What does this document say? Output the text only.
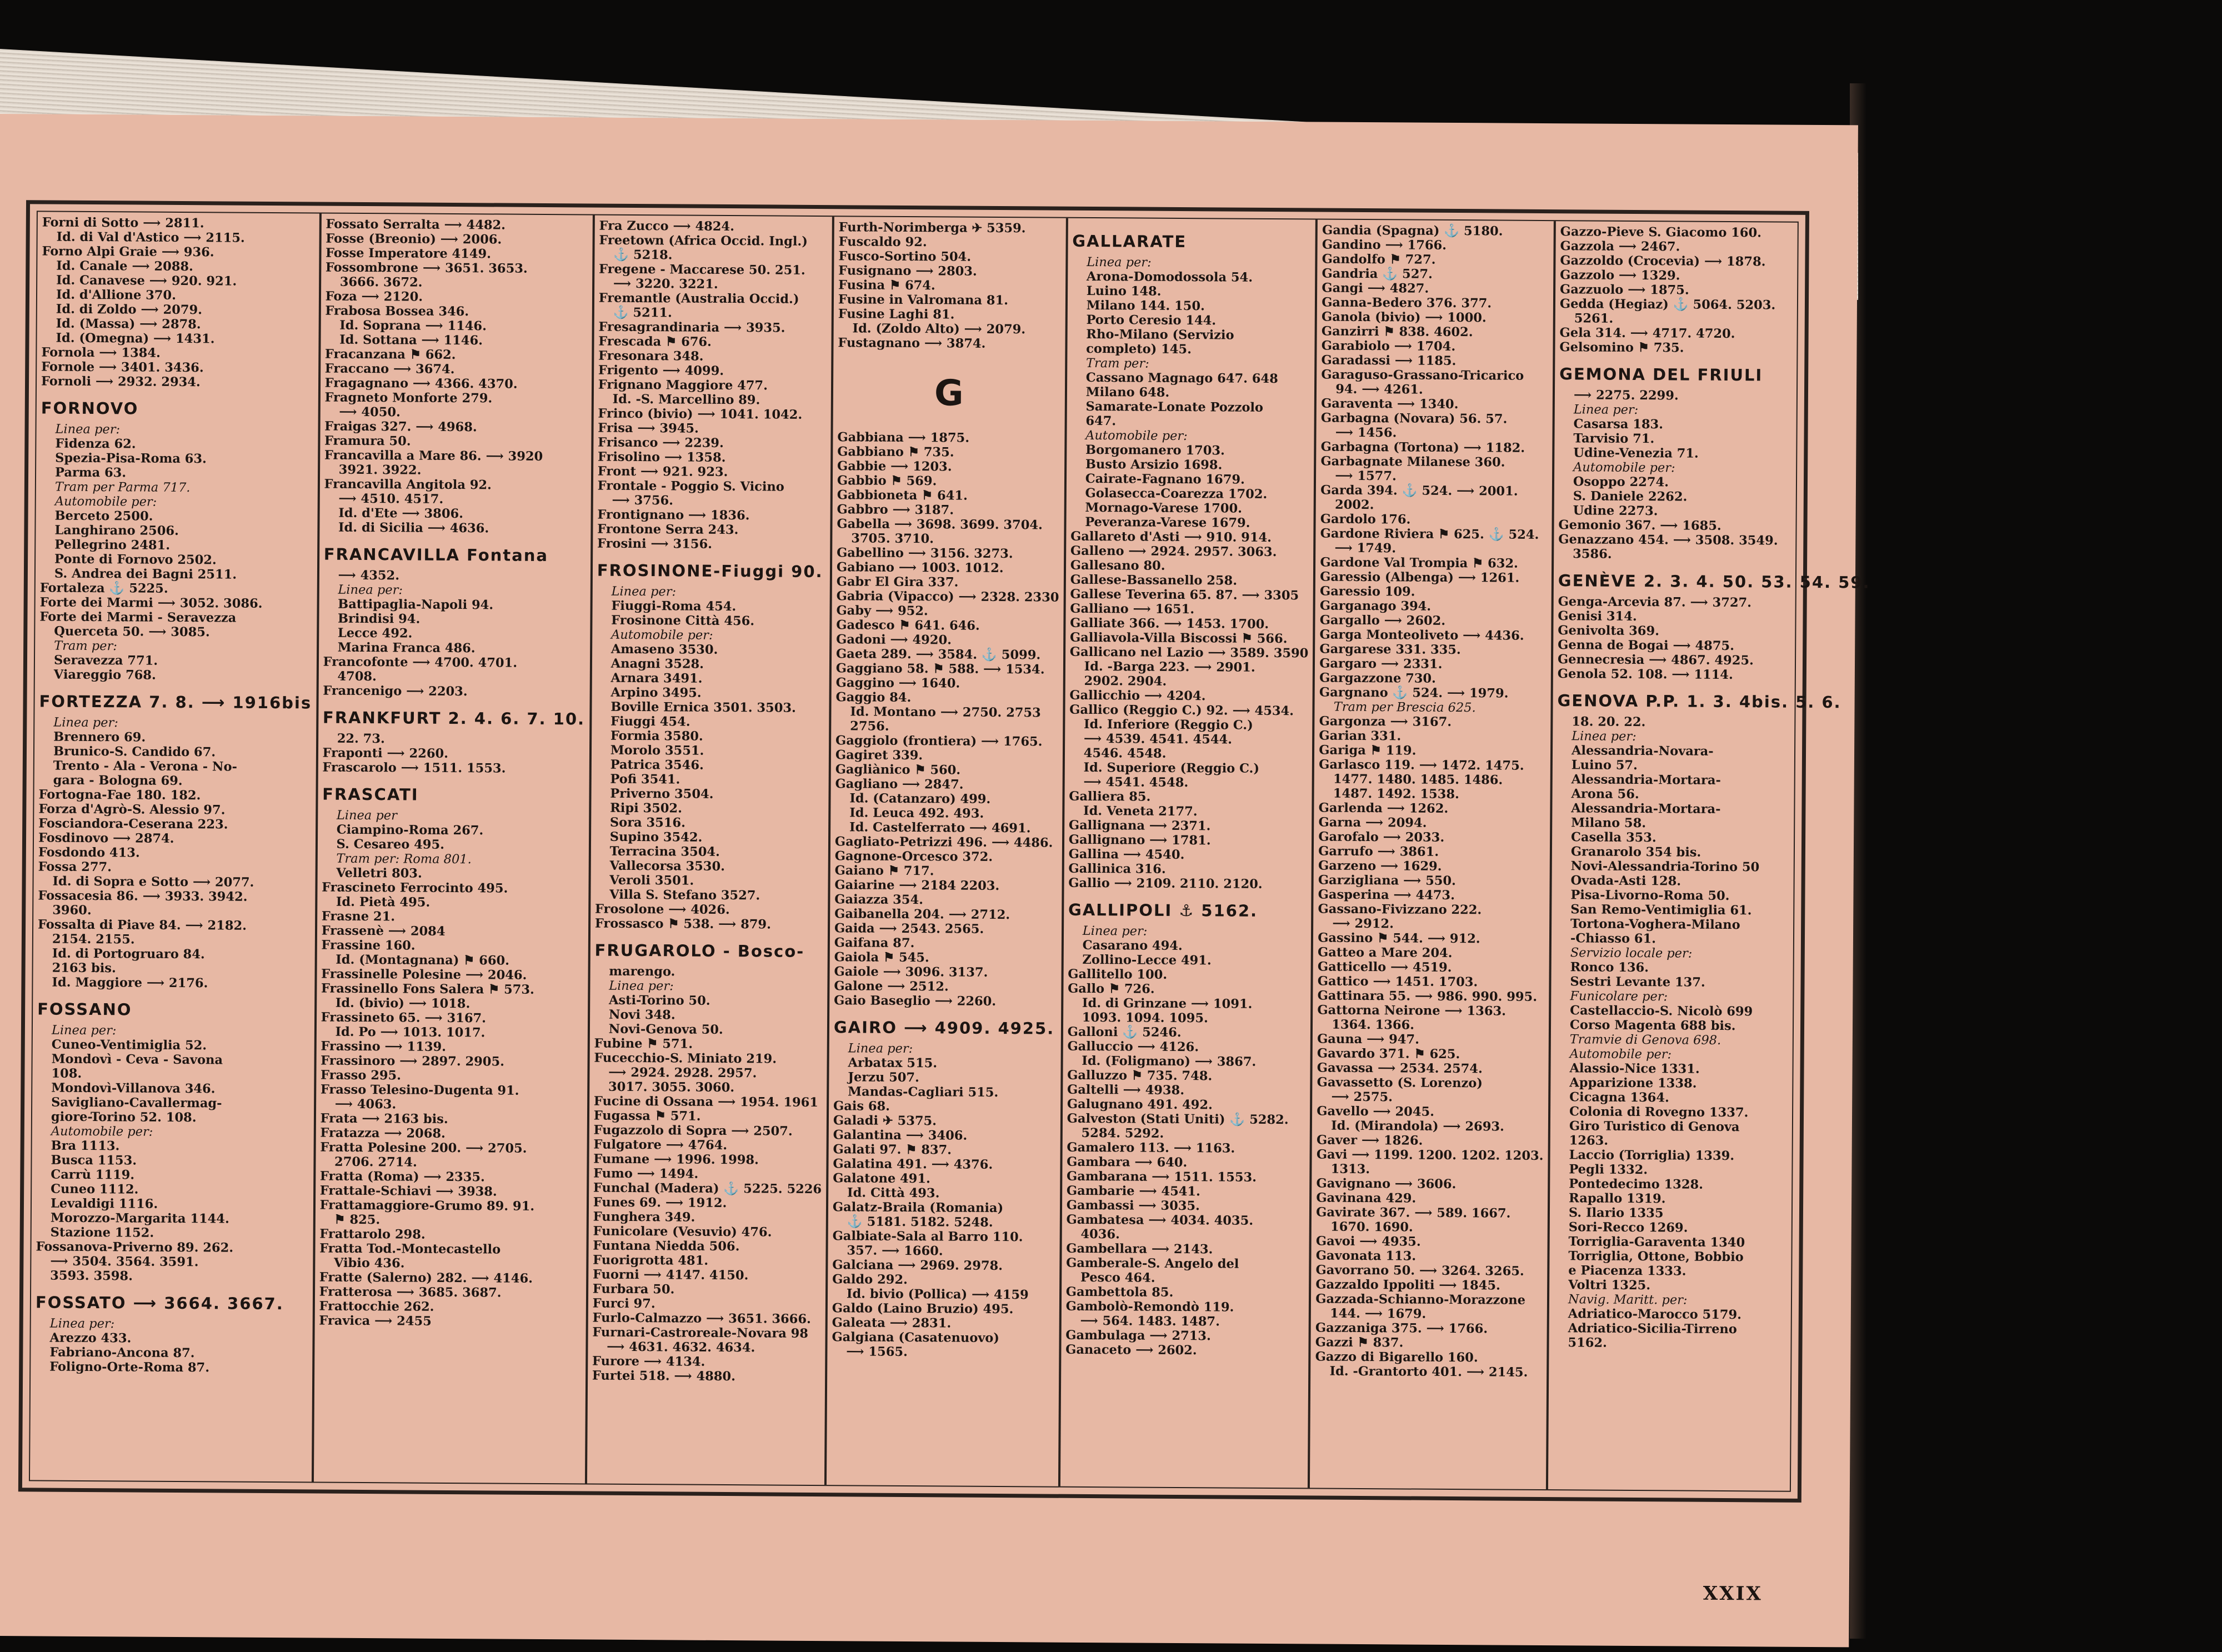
Forni di Sotto ⟶ 2811.
Id. di Val d'Astico ⟶ 2115.
Forno Alpi Graie ⟶ 936.
Id. Canale ⟶ 2088.
Id. Canavese ⟶ 920. 921.
Id. d'Allione 370.
Id. di Zoldo ⟶ 2079.
Id. (Massa) ⟶ 2878.
Id. (Omegna) ⟶ 1431.
Fornola ⟶ 1384.
Fornole ⟶ 3401. 3436.
Fornoli ⟶ 2932. 2934.
FORNOVO
Linea per:
Fidenza 62.
Spezia-Pisa-Roma 63.
Parma 63.
Tram per Parma 717.
Automobile per:
Berceto 2500.
Langhirano 2506.
Pellegrino 2481.
Ponte di Fornovo 2502.
S. Andrea dei Bagni 2511.
Fortaleza ⚓ 5225.
Forte dei Marmi ⟶ 3052. 3086.
Forte dei Marmi - Seravezza
Querceta 50. ⟶ 3085.
Tram per:
Seravezza 771.
Viareggio 768.
FORTEZZA 7. 8. ⟶ 1916bis
Linea per:
Brennero 69.
Brunico-S. Candido 67.
Trento - Ala - Verona - No-
gara - Bologna 69.
Fortogna-Fae 180. 182.
Forza d'Agrò-S. Alessio 97.
Fosciandora-Ceserana 223.
Fosdinovo ⟶ 2874.
Fosdondo 413.
Fossa 277.
Id. di Sopra e Sotto ⟶ 2077.
Fossacesia 86. ⟶ 3933. 3942.
3960.
Fossalta di Piave 84. ⟶ 2182.
2154. 2155.
Id. di Portogruaro 84.
2163 bis.
Id. Maggiore ⟶ 2176.
FOSSANO
Linea per:
Cuneo-Ventimiglia 52.
Mondovì - Ceva - Savona
108.
Mondovì-Villanova 346.
Savigliano-Cavallermag-
giore-Torino 52. 108.
Automobile per:
Bra 1113.
Busca 1153.
Carrù 1119.
Cuneo 1112.
Levaldigi 1116.
Morozzo-Margarita 1144.
Stazione 1152.
Fossanova-Priverno 89. 262.
⟶ 3504. 3564. 3591.
3593. 3598.
FOSSATO ⟶ 3664. 3667.
Linea per:
Arezzo 433.
Fabriano-Ancona 87.
Foligno-Orte-Roma 87.
Fossato Serralta ⟶ 4482.
Fosse (Breonio) ⟶ 2006.
Fosse Imperatore 4149.
Fossombrone ⟶ 3651. 3653.
3666. 3672.
Foza ⟶ 2120.
Frabosa Bossea 346.
Id. Soprana ⟶ 1146.
Id. Sottana ⟶ 1146.
Fracanzana ⚑ 662.
Fraccano ⟶ 3674.
Fragagnano ⟶ 4366. 4370.
Fragneto Monforte 279.
⟶ 4050.
Fraigas 327. ⟶ 4968.
Framura 50.
Francavilla a Mare 86. ⟶ 3920
3921. 3922.
Francavilla Angitola 92.
⟶ 4510. 4517.
Id. d'Ete ⟶ 3806.
Id. di Sicilia ⟶ 4636.
FRANCAVILLA Fontana
⟶ 4352.
Linea per:
Battipaglia-Napoli 94.
Brindisi 94.
Lecce 492.
Marina Franca 486.
Francofonte ⟶ 4700. 4701.
4708.
Francenigo ⟶ 2203.
FRANKFURT 2. 4. 6. 7. 10.
22. 73.
Fraponti ⟶ 2260.
Frascarolo ⟶ 1511. 1553.
FRASCATI
Linea per
Ciampino-Roma 267.
S. Cesareo 495.
Tram per: Roma 801.
Velletri 803.
Frascineto Ferrocinto 495.
Id. Pietà 495.
Frasne 21.
Frassenè ⟶ 2084
Frassine 160.
Id. (Montagnana) ⚑ 660.
Frassinelle Polesine ⟶ 2046.
Frassinello Fons Salera ⚑ 573.
Id. (bivio) ⟶ 1018.
Frassineto 65. ⟶ 3167.
Id. Po ⟶ 1013. 1017.
Frassino ⟶ 1139.
Frassinoro ⟶ 2897. 2905.
Frasso 295.
Frasso Telesino-Dugenta 91.
⟶ 4063.
Frata ⟶ 2163 bis.
Fratazza ⟶ 2068.
Fratta Polesine 200. ⟶ 2705.
2706. 2714.
Fratta (Roma) ⟶ 2335.
Frattale-Schiavi ⟶ 3938.
Frattamaggiore-Grumo 89. 91.
⚑ 825.
Frattarolo 298.
Fratta Tod.-Montecastello
Vibio 436.
Fratte (Salerno) 282. ⟶ 4146.
Fratterosa ⟶ 3685. 3687.
Frattocchie 262.
Fravica ⟶ 2455
Fra Zucco ⟶ 4824.
Freetown (Africa Occid. Ingl.)
⚓ 5218.
Fregene - Maccarese 50. 251.
⟶ 3220. 3221.
Fremantle (Australia Occid.)
⚓ 5211.
Fresagrandinaria ⟶ 3935.
Frescada ⚑ 676.
Fresonara 348.
Frigento ⟶ 4099.
Frignano Maggiore 477.
Id. -S. Marcellino 89.
Frinco (bivio) ⟶ 1041. 1042.
Frisa ⟶ 3945.
Frisanco ⟶ 2239.
Frisolino ⟶ 1358.
Front ⟶ 921. 923.
Frontale - Poggio S. Vicino
⟶ 3756.
Frontignano ⟶ 1836.
Frontone Serra 243.
Frosini ⟶ 3156.
FROSINONE-Fiuggi 90.
Linea per:
Fiuggi-Roma 454.
Frosinone Città 456.
Automobile per:
Amaseno 3530.
Anagni 3528.
Arnara 3491.
Arpino 3495.
Boville Ernica 3501. 3503.
Fiuggi 454.
Formia 3580.
Morolo 3551.
Patrica 3546.
Pofi 3541.
Priverno 3504.
Ripi 3502.
Sora 3516.
Supino 3542.
Terracina 3504.
Vallecorsa 3530.
Veroli 3501.
Villa S. Stefano 3527.
Frosolone ⟶ 4026.
Frossasco ⚑ 538. ⟶ 879.
FRUGAROLO - Bosco-
marengo.
Linea per:
Asti-Torino 50.
Novi 348.
Novi-Genova 50.
Fubine ⚑ 571.
Fucecchio-S. Miniato 219.
⟶ 2924. 2928. 2957.
3017. 3055. 3060.
Fucine di Ossana ⟶ 1954. 1961
Fugassa ⚑ 571.
Fugazzolo di Sopra ⟶ 2507.
Fulgatore ⟶ 4764.
Fumane ⟶ 1996. 1998.
Fumo ⟶ 1494.
Funchal (Madera) ⚓ 5225. 5226
Funes 69. ⟶ 1912.
Funghera 349.
Funicolare (Vesuvio) 476.
Funtana Niedda 506.
Fuorigrotta 481.
Fuorni ⟶ 4147. 4150.
Furbara 50.
Furci 97.
Furlo-Calmazzo ⟶ 3651. 3666.
Furnari-Castroreale-Novara 98
⟶ 4631. 4632. 4634.
Furore ⟶ 4134.
Furtei 518. ⟶ 4880.
Furth-Norimberga ✈ 5359.
Fuscaldo 92.
Fusco-Sortino 504.
Fusignano ⟶ 2803.
Fusina ⚑ 674.
Fusine in Valromana 81.
Fusine Laghi 81.
Id. (Zoldo Alto) ⟶ 2079.
Fustagnano ⟶ 3874.
G
Gabbiana ⟶ 1875.
Gabbiano ⚑ 735.
Gabbie ⟶ 1203.
Gabbio ⚑ 569.
Gabbioneta ⚑ 641.
Gabbro ⟶ 3187.
Gabella ⟶ 3698. 3699. 3704.
3705. 3710.
Gabellino ⟶ 3156. 3273.
Gabiano ⟶ 1003. 1012.
Gabr El Gira 337.
Gabria (Vipacco) ⟶ 2328. 2330
Gaby ⟶ 952.
Gadesco ⚑ 641. 646.
Gadoni ⟶ 4920.
Gaeta 289. ⟶ 3584. ⚓ 5099.
Gaggiano 58. ⚑ 588. ⟶ 1534.
Gaggino ⟶ 1640.
Gaggio 84.
Id. Montano ⟶ 2750. 2753
2756.
Gaggiolo (frontiera) ⟶ 1765.
Gagiret 339.
Gagliànico ⚑ 560.
Gagliano ⟶ 2847.
Id. (Catanzaro) 499.
Id. Leuca 492. 493.
Id. Castelferrato ⟶ 4691.
Gagliato-Petrizzi 496. ⟶ 4486.
Gagnone-Orcesco 372.
Gaiano ⚑ 717.
Gaiarine ⟶ 2184 2203.
Gaiazza 354.
Gaibanella 204. ⟶ 2712.
Gaida ⟶ 2543. 2565.
Gaifana 87.
Gaiola ⚑ 545.
Gaiole ⟶ 3096. 3137.
Galone ⟶ 2512.
Gaio Baseglio ⟶ 2260.
GAIRO ⟶ 4909. 4925.
Linea per:
Arbatax 515.
Jerzu 507.
Mandas-Cagliari 515.
Gais 68.
Galadi ✈ 5375.
Galantina ⟶ 3406.
Galati 97. ⚑ 837.
Galatina 491. ⟶ 4376.
Galatone 491.
Id. Città 493.
Galatz-Braila (Romania)
⚓ 5181. 5182. 5248.
Galbiate-Sala al Barro 110.
357. ⟶ 1660.
Galciana ⟶ 2969. 2978.
Galdo 292.
Id. bivio (Pollica) ⟶ 4159
Galdo (Laino Bruzio) 495.
Galeata ⟶ 2831.
Galgiana (Casatenuovo)
⟶ 1565.
GALLARATE
Linea per:
Arona-Domodossola 54.
Luino 148.
Milano 144. 150.
Porto Ceresio 144.
Rho-Milano (Servizio
completo) 145.
Tram per:
Cassano Magnago 647. 648
Milano 648.
Samarate-Lonate Pozzolo
647.
Automobile per:
Borgomanero 1703.
Busto Arsizio 1698.
Cairate-Fagnano 1679.
Golasecca-Coarezza 1702.
Mornago-Varese 1700.
Peveranza-Varese 1679.
Gallareto d'Asti ⟶ 910. 914.
Galleno ⟶ 2924. 2957. 3063.
Gallesano 80.
Gallese-Bassanello 258.
Gallese Teverina 65. 87. ⟶ 3305
Galliano ⟶ 1651.
Galliate 366. ⟶ 1453. 1700.
Galliavola-Villa Biscossi ⚑ 566.
Gallicano nel Lazio ⟶ 3589. 3590
Id. -Barga 223. ⟶ 2901.
2902. 2904.
Gallicchio ⟶ 4204.
Gallico (Reggio C.) 92. ⟶ 4534.
Id. Inferiore (Reggio C.)
⟶ 4539. 4541. 4544.
4546. 4548.
Id. Superiore (Reggio C.)
⟶ 4541. 4548.
Galliera 85.
Id. Veneta 2177.
Gallignana ⟶ 2371.
Gallignano ⟶ 1781.
Gallina ⟶ 4540.
Gallinica 316.
Gallio ⟶ 2109. 2110. 2120.
GALLIPOLI ⚓ 5162.
Linea per:
Casarano 494.
Zollino-Lecce 491.
Gallitello 100.
Gallo ⚑ 726.
Id. di Grinzane ⟶ 1091.
1093. 1094. 1095.
Galloni ⚓ 5246.
Galluccio ⟶ 4126.
Id. (Foligmano) ⟶ 3867.
Galluzzo ⚑ 735. 748.
Galtelli ⟶ 4938.
Galugnano 491. 492.
Galveston (Stati Uniti) ⚓ 5282.
5284. 5292.
Gamalero 113. ⟶ 1163.
Gambara ⟶ 640.
Gambarana ⟶ 1511. 1553.
Gambarie ⟶ 4541.
Gambassi ⟶ 3035.
Gambatesa ⟶ 4034. 4035.
4036.
Gambellara ⟶ 2143.
Gamberale-S. Angelo del
Pesco 464.
Gambettola 85.
Gambolò-Remondò 119.
⟶ 564. 1483. 1487.
Gambulaga ⟶ 2713.
Ganaceto ⟶ 2602.
Gandia (Spagna) ⚓ 5180.
Gandino ⟶ 1766.
Gandolfo ⚑ 727.
Gandria ⚓ 527.
Gangi ⟶ 4827.
Ganna-Bedero 376. 377.
Ganola (bivio) ⟶ 1000.
Ganzirri ⚑ 838. 4602.
Garabiolo ⟶ 1704.
Garadassi ⟶ 1185.
Garaguso-Grassano-Tricarico
94. ⟶ 4261.
Garaventa ⟶ 1340.
Garbagna (Novara) 56. 57.
⟶ 1456.
Garbagna (Tortona) ⟶ 1182.
Garbagnate Milanese 360.
⟶ 1577.
Garda 394. ⚓ 524. ⟶ 2001.
2002.
Gardolo 176.
Gardone Riviera ⚑ 625. ⚓ 524.
⟶ 1749.
Gardone Val Trompia ⚑ 632.
Garessio (Albenga) ⟶ 1261.
Garessio 109.
Garganago 394.
Gargallo ⟶ 2602.
Garga Monteoliveto ⟶ 4436.
Gargarese 331. 335.
Gargaro ⟶ 2331.
Gargazzone 730.
Gargnano ⚓ 524. ⟶ 1979.
Tram per Brescia 625.
Gargonza ⟶ 3167.
Garian 331.
Gariga ⚑ 119.
Garlasco 119. ⟶ 1472. 1475.
1477. 1480. 1485. 1486.
1487. 1492. 1538.
Garlenda ⟶ 1262.
Garna ⟶ 2094.
Garofalo ⟶ 2033.
Garrufo ⟶ 3861.
Garzeno ⟶ 1629.
Garzigliana ⟶ 550.
Gasperina ⟶ 4473.
Gassano-Fivizzano 222.
⟶ 2912.
Gassino ⚑ 544. ⟶ 912.
Gatteo a Mare 204.
Gatticello ⟶ 4519.
Gattico ⟶ 1451. 1703.
Gattinara 55. ⟶ 986. 990. 995.
Gattorna Neirone ⟶ 1363.
1364. 1366.
Gauna ⟶ 947.
Gavardo 371. ⚑ 625.
Gavassa ⟶ 2534. 2574.
Gavassetto (S. Lorenzo)
⟶ 2575.
Gavello ⟶ 2045.
Id. (Mirandola) ⟶ 2693.
Gaver ⟶ 1826.
Gavi ⟶ 1199. 1200. 1202. 1203.
1313.
Gavignano ⟶ 3606.
Gavinana 429.
Gavirate 367. ⟶ 589. 1667.
1670. 1690.
Gavoi ⟶ 4935.
Gavonata 113.
Gavorrano 50. ⟶ 3264. 3265.
Gazzaldo Ippoliti ⟶ 1845.
Gazzada-Schianno-Morazzone
144. ⟶ 1679.
Gazzaniga 375. ⟶ 1766.
Gazzi ⚑ 837.
Gazzo di Bigarello 160.
Id. -Grantorto 401. ⟶ 2145.
Gazzo-Pieve S. Giacomo 160.
Gazzola ⟶ 2467.
Gazzoldo (Crocevia) ⟶ 1878.
Gazzolo ⟶ 1329.
Gazzuolo ⟶ 1875.
Gedda (Hegiaz) ⚓ 5064. 5203.
5261.
Gela 314. ⟶ 4717. 4720.
Gelsomino ⚑ 735.
GEMONA DEL FRIULI
⟶ 2275. 2299.
Linea per:
Casarsa 183.
Tarvisio 71.
Udine-Venezia 71.
Automobile per:
Osoppo 2274.
S. Daniele 2262.
Udine 2273.
Gemonio 367. ⟶ 1685.
Genazzano 454. ⟶ 3508. 3549.
3586.
GENÈVE 2. 3. 4. 50. 53. 54. 59.
Genga-Arcevia 87. ⟶ 3727.
Genisi 314.
Genivolta 369.
Genna de Bogai ⟶ 4875.
Gennecresia ⟶ 4867. 4925.
Genola 52. 108. ⟶ 1114.
GENOVA P.P. 1. 3. 4bis. 5. 6.
18. 20. 22.
Linea per:
Alessandria-Novara-
Luino 57.
Alessandria-Mortara-
Arona 56.
Alessandria-Mortara-
Milano 58.
Casella 353.
Granarolo 354 bis.
Novi-Alessandria-Torino 50
Ovada-Asti 128.
Pisa-Livorno-Roma 50.
San Remo-Ventimiglia 61.
Tortona-Voghera-Milano
-Chiasso 61.
Servizio locale per:
Ronco 136.
Sestri Levante 137.
Funicolare per:
Castellaccio-S. Nicolò 699
Corso Magenta 688 bis.
Tramvie di Genova 698.
Automobile per:
Alassio-Nice 1331.
Apparizione 1338.
Cicagna 1364.
Colonia di Rovegno 1337.
Giro Turistico di Genova
1263.
Laccio (Torriglia) 1339.
Pegli 1332.
Pontedecimo 1328.
Rapallo 1319.
S. Ilario 1335
Sori-Recco 1269.
Torriglia-Garaventa 1340
Torriglia, Ottone, Bobbio
e Piacenza 1333.
Voltri 1325.
Navig. Maritt. per:
Adriatico-Marocco 5179.
Adriatico-Sicilia-Tirreno
5162.
XXIX
